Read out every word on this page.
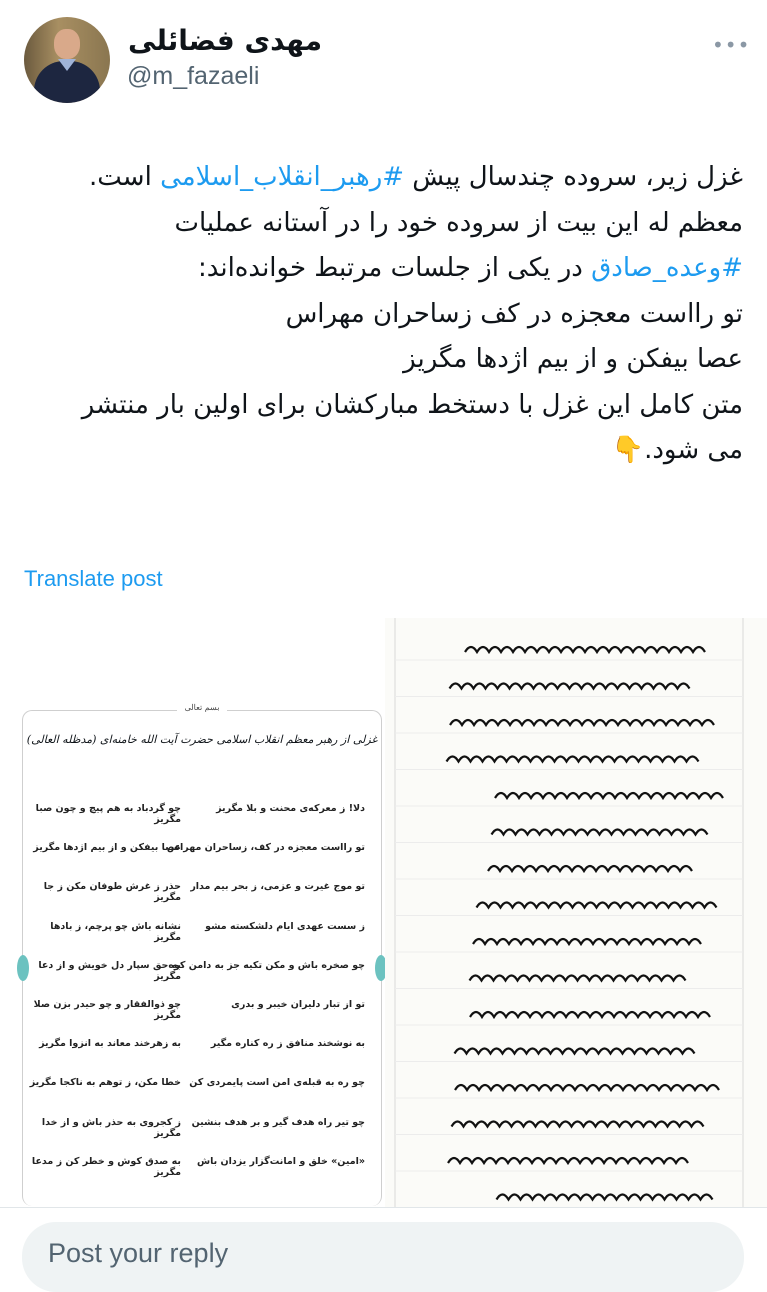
مهدی فضائلی
@m_fazaeli
•••

غزل زیر، سروده چندسال پیش #رهبر_انقلاب_اسلامی است. معظم له این بیت از سروده خود را در آستانه عملیات #وعده_صادق در یکی از جلسات مرتبط خوانده‌اند:

تو رااست معجزه در کف زساحران مهراس

عصا بیفکن و از بیم اژدها مگریز

متن کامل این غزل با دستخط مبارکشان برای اولین بار منتشر می شود.👇

Translate post
بسم تعالی
غزلی از رهبر معظم انقلاب اسلامی حضرت آیت الله خامنه‌ای (مدظله العالی)
دلا! ز معرکه‌ی محنت و بلا مگریز
چو گردباد به هم پیچ و چون صبا مگریز
تو رااست معجزه در کف، زساحران مهراس
عصا بیفکن و از بیم اژدها مگریز
تو موج غیرت و عزمی، ز بحر بیم مدار
حذر ز غرش طوفان مکن ز جا مگریز
ز سست عهدی ایام دلشکسته مشو
نشانه باش چو پرچم، ز بادها مگریز
چو صخره باش و مکن تکیه جز به دامن کوه
به حق سپار دل خویش و از دعا مگریز
تو از تبار دلیران خیبر و بدری
چو ذوالفقار و چو حیدر بزن صلا مگریز
به نوشخند منافق ز ره کناره مگیر
به زهرخند معاند به انزوا مگریز
چو ره به قبله‌ی امن است پایمردی کن
خطا مکن، ز توهم به ناکجا مگریز
چو تیر راه هدف گیر و بر هدف بنشین
ز کجروی به حذر باش و از خدا مگریز
«امین» خلق و امانت‌گزار یزدان باش
به صدق کوش و خطر کن ز مدعا مگریز
Post your reply
